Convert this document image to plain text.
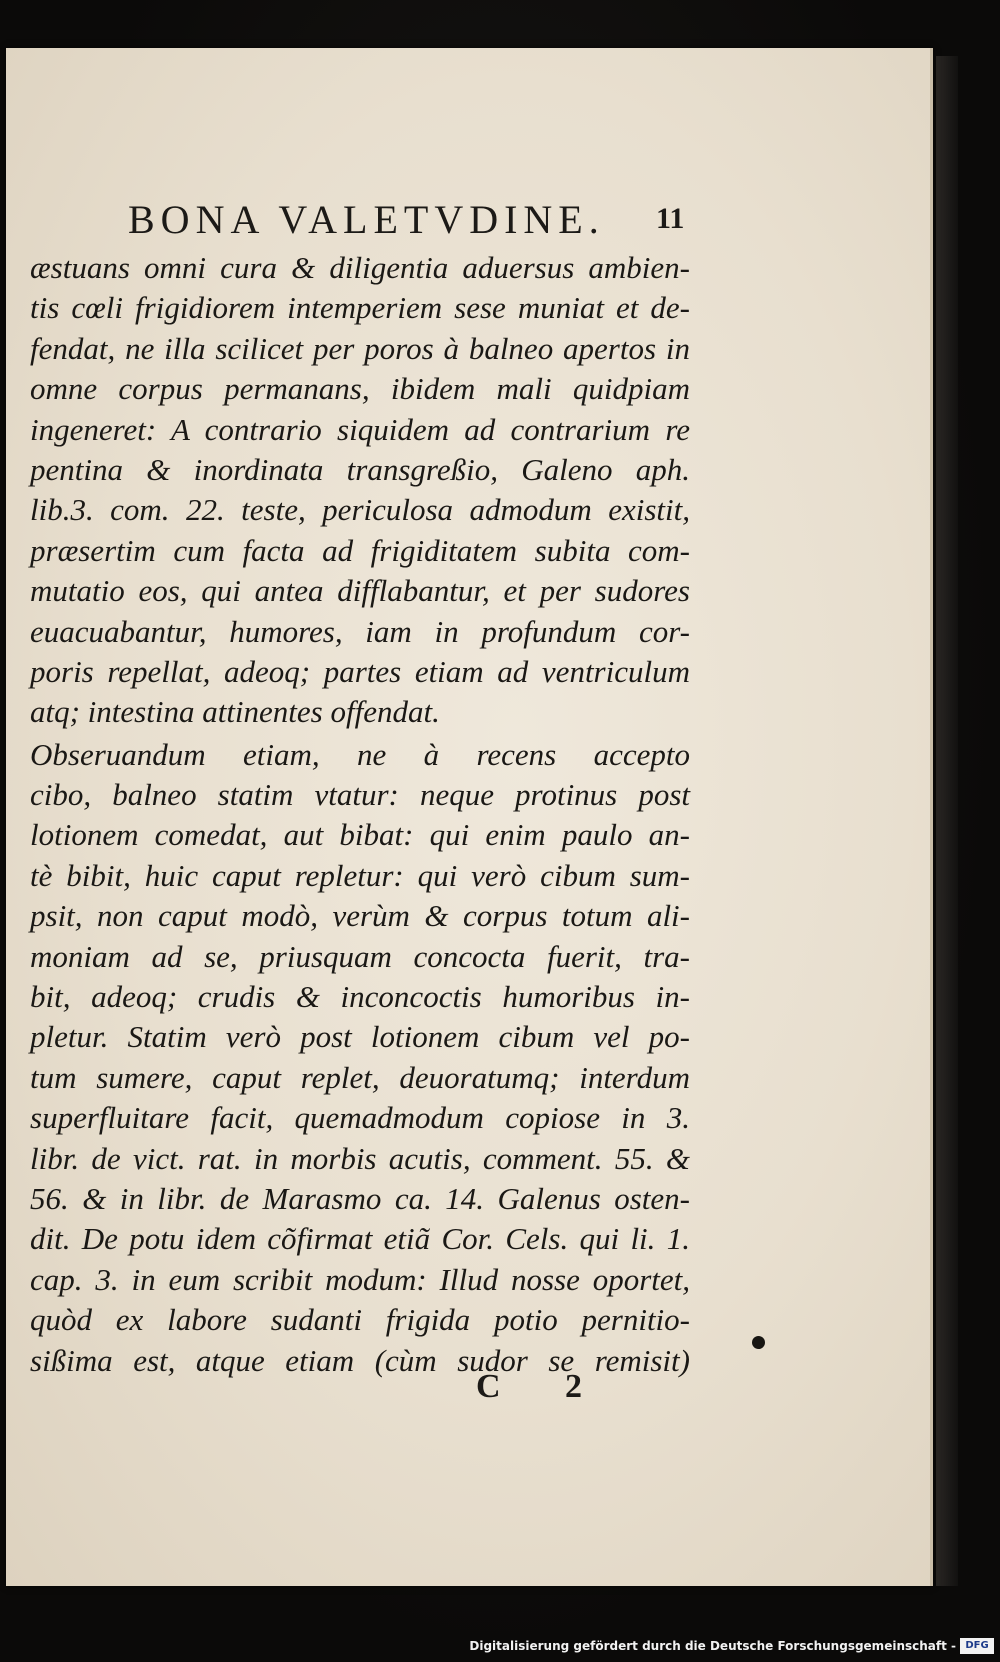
BONA VALETVDINE. 11
æstuans omni cura & diligentia aduersus ambien-
tis cœli frigidiorem intemperiem sese muniat et de-
fendat, ne illa scilicet per poros à balneo apertos in
omne corpus permanans, ibidem mali quidpiam
ingeneret: A contrario siquidem ad contrarium re
pentina & inordinata transgreßio, Galeno aph.
lib.3. com. 22. teste, periculosa admodum existit,
præsertim cum facta ad frigiditatem subita com-
mutatio eos, qui antea difflabantur, et per sudores
euacuabantur, humores, iam in profundum cor-
poris repellat, adeoq; partes etiam ad ventriculum
atq; intestina attinentes offendat.
Obseruandum etiam, ne à recens accepto
cibo, balneo statim vtatur: neque protinus post
lotionem comedat, aut bibat: qui enim paulo an-
tè bibit, huic caput repletur: qui verò cibum sum-
psit, non caput modò, verùm & corpus totum ali-
moniam ad se, priusquam concocta fuerit, tra-
bit, adeoq; crudis & inconcoctis humoribus in-
pletur. Statim verò post lotionem cibum vel po-
tum sumere, caput replet, deuoratumq; interdum
superfluitare facit, quemadmodum copiose in 3.
libr. de vict. rat. in morbis acutis, comment. 55. &
56. & in libr. de Marasmo ca. 14. Galenus osten-
dit. De potu idem cõfirmat etiã Cor. Cels. qui li. 1.
cap. 3. in eum scribit modum: Illud nosse oportet,
quòd ex labore sudanti frigida potio pernitio-
sißima est, atque etiam (cùm sudor se remisit)
C 2
Digitalisierung gefördert durch die Deutsche Forschungsgemeinschaft - DFG
